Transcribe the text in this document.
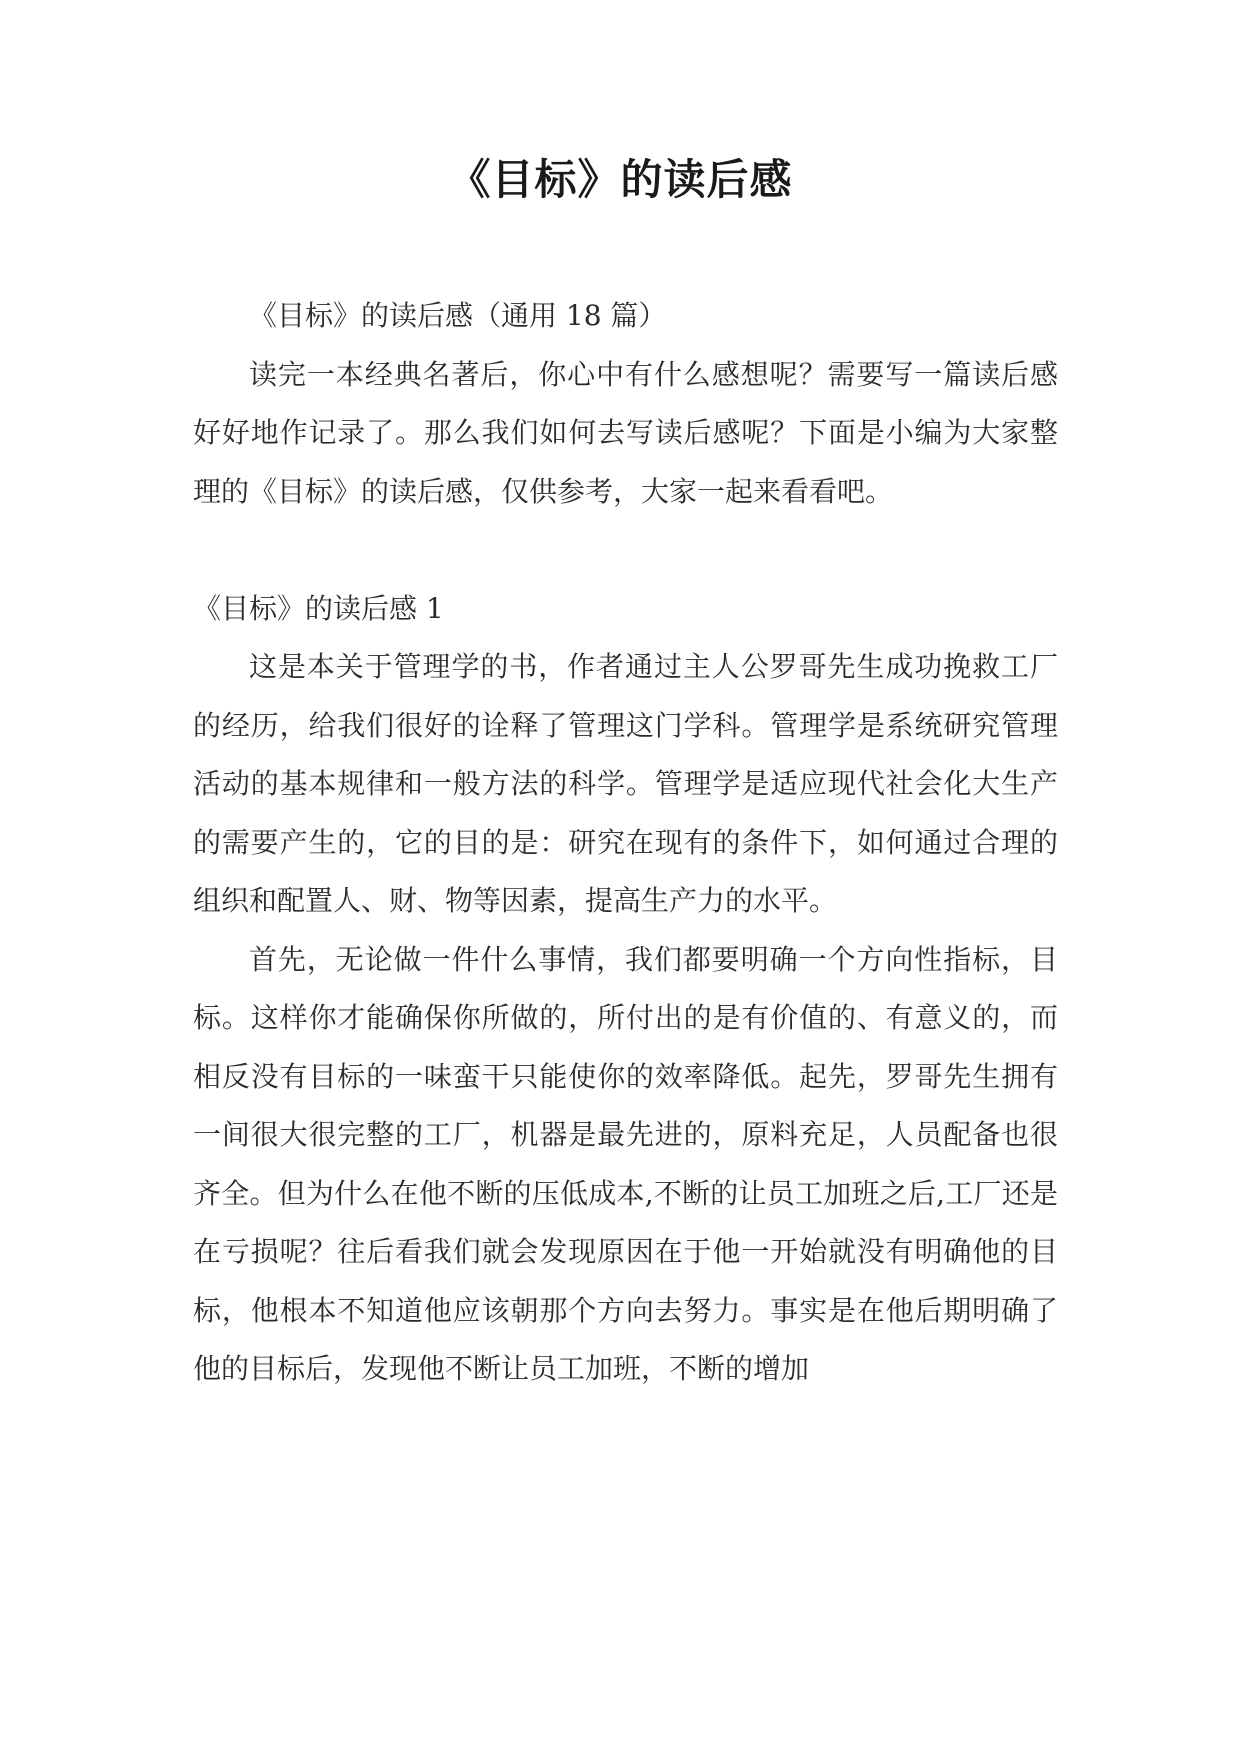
《目标》的读后感

《目标》的读后感（通用 18 篇）

读完一本经典名著后，你心中有什么感想呢？需要写一篇读后感好好地作记录了。那么我们如何去写读后感呢？下面是小编为大家整理的《目标》的读后感，仅供参考，大家一起来看看吧。

《目标》的读后感 1

这是本关于管理学的书，作者通过主人公罗哥先生成功挽救工厂的经历，给我们很好的诠释了管理这门学科。管理学是系统研究管理活动的基本规律和一般方法的科学。管理学是适应现代社会化大生产的需要产生的，它的目的是：研究在现有的条件下，如何通过合理的组织和配置人、财、物等因素，提高生产力的水平。

首先，无论做一件什么事情，我们都要明确一个方向性指标，目标。这样你才能确保你所做的，所付出的是有价值的、有意义的，而相反没有目标的一味蛮干只能使你的效率降低。起先，罗哥先生拥有一间很大很完整的工厂，机器是最先进的，原料充足，人员配备也很齐全。但为什么在他不断的压低成本,不断的让员工加班之后,工厂还是在亏损呢？往后看我们就会发现原因在于他一开始就没有明确他的目标，他根本不知道他应该朝那个方向去努力。事实是在他后期明确了他的目标后，发现他不断让员工加班，不断的增加
